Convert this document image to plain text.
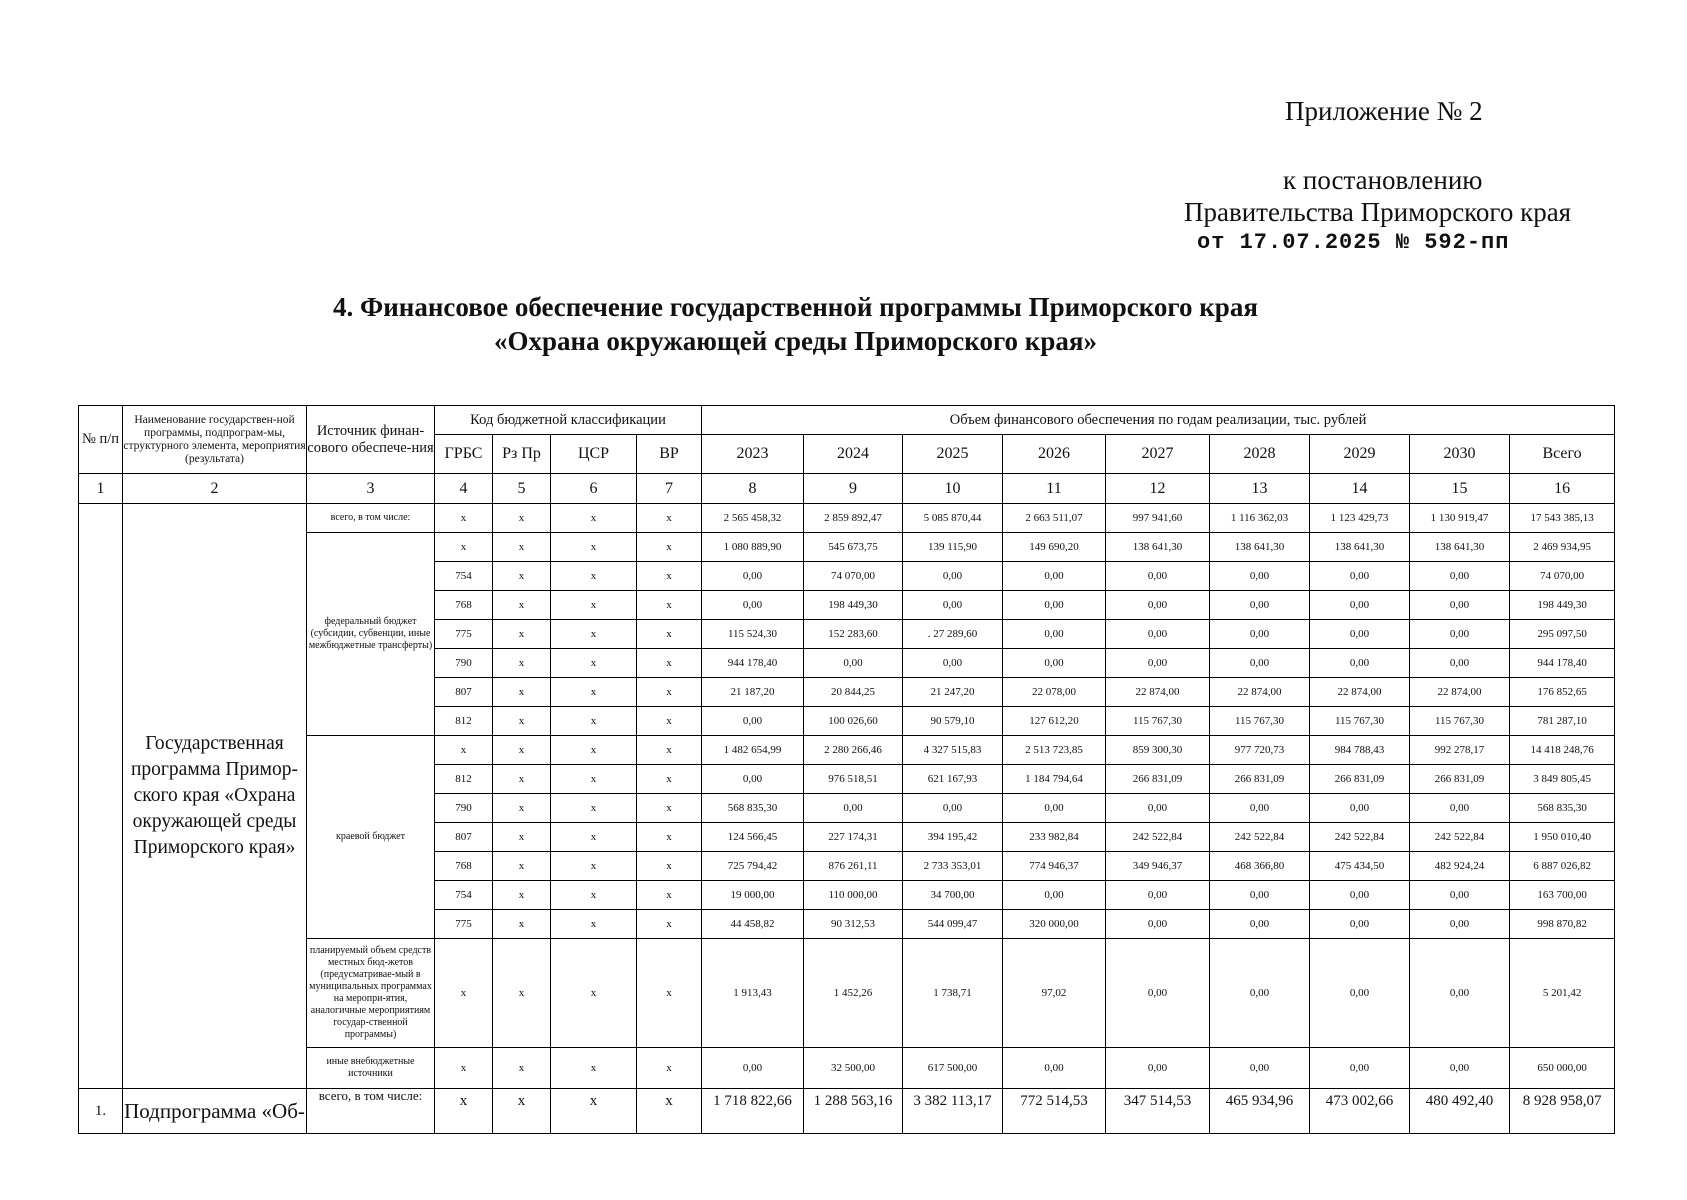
Приложение № 2
к постановлению
Правительства Приморского края
от 17.07.2025 № 592-пп
4. Финансовое обеспечение государственной программы Приморского края
«Охрана окружающей среды Приморского края»
№ п/п	Наименование государствен-ной программы, подпрограм-мы, структурного элемента, мероприятия (результата)	Источник финан-сового обеспече-ния	Код бюджетной классификации				Объем финансового обеспечения по годам реализации, тыс. рублей								
			ГРБС	Рз Пр	ЦСР	ВР	2023	2024	2025	2026	2027	2028	2029	2030	Всего
1	2	3	4	5	6	7	8	9	10	11	12	13	14	15	16
	Государственная программа Примор-ского края «Охрана окружающей среды Приморского края»	всего, в том числе:	x	x	x	x	2 565 458,32	2 859 892,47	5 085 870,44	2 663 511,07	997 941,60	1 116 362,03	1 123 429,73	1 130 919,47	17 543 385,13
		федеральный бюджет (субсидии, субвенции, иные межбюджетные трансферты)	x	x	x	x	1 080 889,90	545 673,75	139 115,90	149 690,20	138 641,30	138 641,30	138 641,30	138 641,30	2 469 934,95
			754	x	x	x	0,00	74 070,00	0,00	0,00	0,00	0,00	0,00	0,00	74 070,00
			768	x	x	x	0,00	198 449,30	0,00	0,00	0,00	0,00	0,00	0,00	198 449,30
			775	x	x	x	115 524,30	152 283,60	. 27 289,60	0,00	0,00	0,00	0,00	0,00	295 097,50
			790	x	x	x	944 178,40	0,00	0,00	0,00	0,00	0,00	0,00	0,00	944 178,40
			807	x	x	x	21 187,20	20 844,25	21 247,20	22 078,00	22 874,00	22 874,00	22 874,00	22 874,00	176 852,65
			812	x	x	x	0,00	100 026,60	90 579,10	127 612,20	115 767,30	115 767,30	115 767,30	115 767,30	781 287,10
		краевой бюджет	x	x	x	x	1 482 654,99	2 280 266,46	4 327 515,83	2 513 723,85	859 300,30	977 720,73	984 788,43	992 278,17	14 418 248,76
			812	x	x	x	0,00	976 518,51	621 167,93	1 184 794,64	266 831,09	266 831,09	266 831,09	266 831,09	3 849 805,45
			790	x	x	x	568 835,30	0,00	0,00	0,00	0,00	0,00	0,00	0,00	568 835,30
			807	x	x	x	124 566,45	227 174,31	394 195,42	233 982,84	242 522,84	242 522,84	242 522,84	242 522,84	1 950 010,40
			768	x	x	x	725 794,42	876 261,11	2 733 353,01	774 946,37	349 946,37	468 366,80	475 434,50	482 924,24	6 887 026,82
			754	x	x	x	19 000,00	110 000,00	34 700,00	0,00	0,00	0,00	0,00	0,00	163 700,00
			775	x	x	x	44 458,82	90 312,53	544 099,47	320 000,00	0,00	0,00	0,00	0,00	998 870,82
		планируемый объем средств местных бюд-жетов (предусматривае-мый в муниципальных программах на меропри-ятия, аналогичные мероприятиям государ-ственной программы)	x	x	x	x	1 913,43	1 452,26	1 738,71	97,02	0,00	0,00	0,00	0,00	5 201,42
		иные внебюджетные источники	x	x	x	x	0,00	32 500,00	617 500,00	0,00	0,00	0,00	0,00	0,00	650 000,00
1.	Подпрограмма «Об-	всего, в том числе:	x	x	x	x	1 718 822,66	1 288 563,16	3 382 113,17	772 514,53	347 514,53	465 934,96	473 002,66	480 492,40	8 928 958,07
